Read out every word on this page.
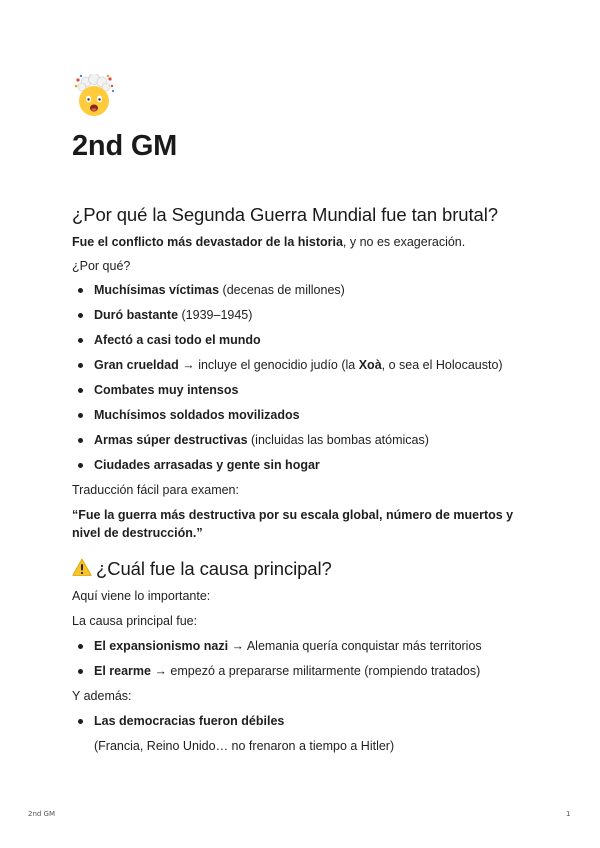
2nd GM
¿Por qué la Segunda Guerra Mundial fue tan brutal?
Fue el conflicto más devastador de la historia, y no es exageración.
¿Por qué?
Muchísimas víctimas (decenas de millones)
Duró bastante (1939–1945)
Afectó a casi todo el mundo
Gran crueldad → incluye el genocidio judío (la Xoà, o sea el Holocausto)
Combates muy intensos
Muchísimos soldados movilizados
Armas súper destructivas (incluidas las bombas atómicas)
Ciudades arrasadas y gente sin hogar
Traducción fácil para examen:
“Fue la guerra más destructiva por su escala global, número de muertos y
nivel de destrucción.”
¿Cuál fue la causa principal?
Aquí viene lo importante:
La causa principal fue:
El expansionismo nazi → Alemania quería conquistar más territorios
El rearme → empezó a prepararse militarmente (rompiendo tratados)
Y además:
Las democracias fueron débiles
(Francia, Reino Unido… no frenaron a tiempo a Hitler)
2nd GM	1
